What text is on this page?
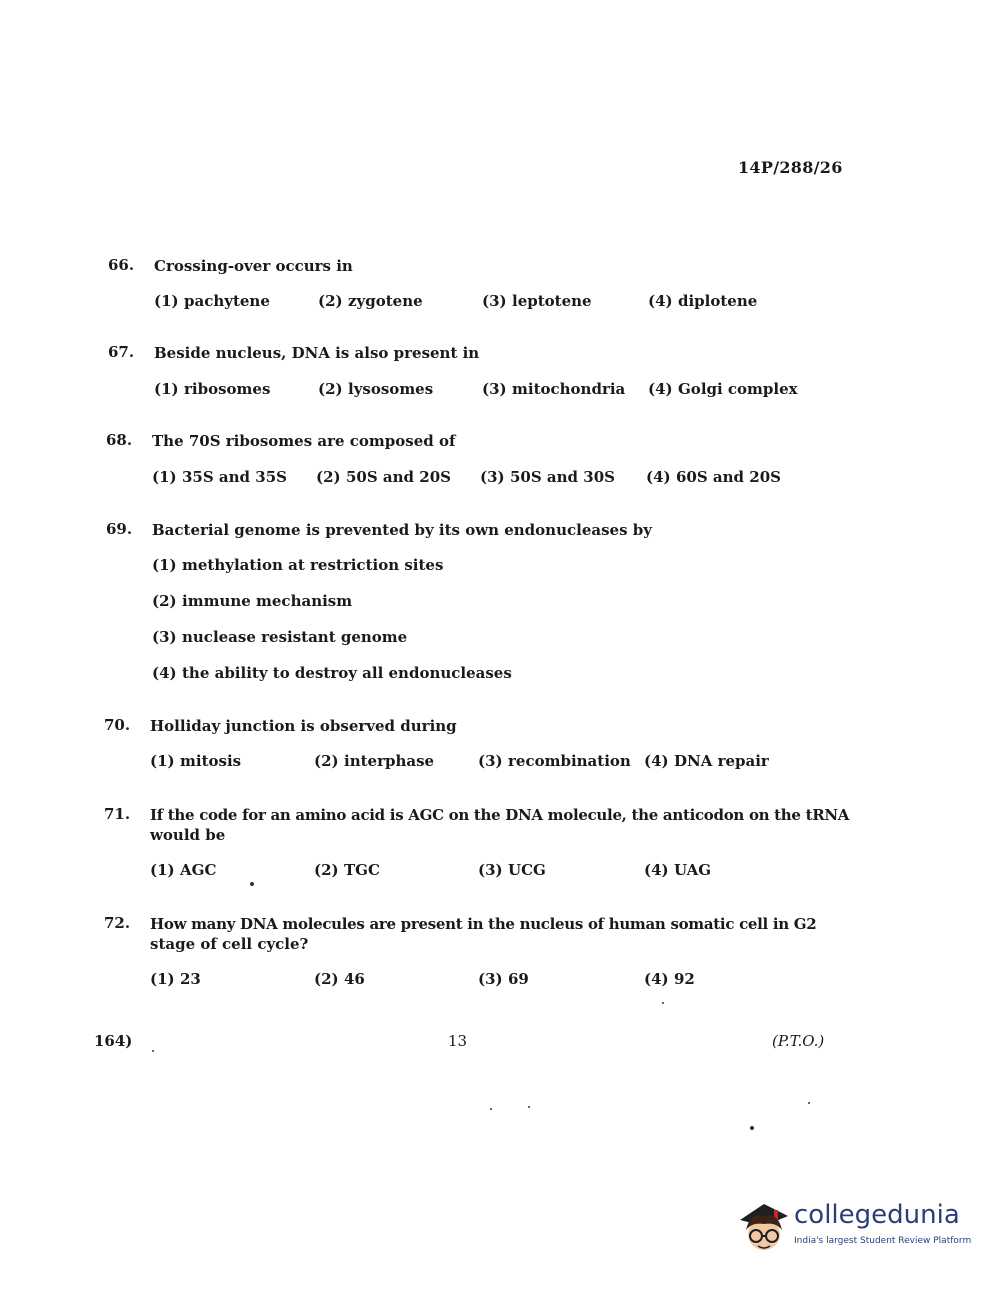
14P/288/26
66.	Crossing-over occurs in
(1) pachytene	(2) zygotene	(3) leptotene	(4) diplotene
67.	Beside nucleus, DNA is also present in
(1) ribosomes	(2) lysosomes	(3) mitochondria (4) Golgi complex
68.	The 70S ribosomes are composed of
(1) 35S and 35S (2) 50S and 20S (3) 50S and 30S (4) 60S and 20S
69.	Bacterial genome is prevented by its own endonucleases by
(1) methylation at restriction sites
(2) immune mechanism
(3) nuclease resistant genome
(4) the ability to destroy all endonucleases
70.	Holliday junction is observed during
(1) mitosis	(2) interphase	(3) recombination (4) DNA repair
71.	If the code for an amino acid is AGC on the DNA molecule, the anticodon on the tRNA
would be
(1) AGC	(2) TGC	(3) UCG	(4) UAG
72.	How many DNA molecules are present in the nucleus of human somatic cell in G2
stage of cell cycle?
(1) 23	(2) 46	(3) 69	(4) 92
164)	13	(P.T.O.)
collegedunia
India's largest Student Review Platform
